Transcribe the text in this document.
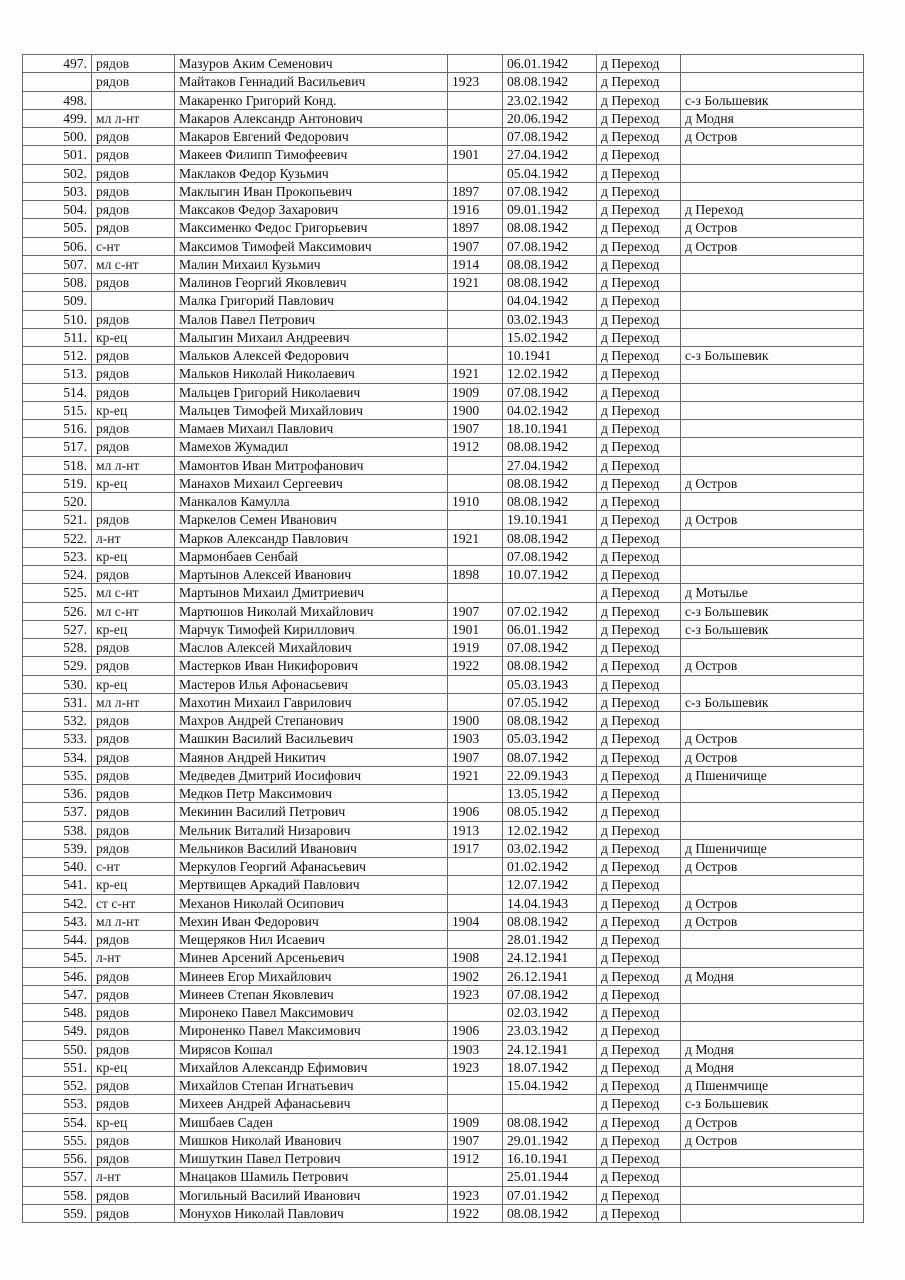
497.	рядов	Мазуров Аким Семенович		06.01.1942	д Переход	
	рядов	Майтаков Геннадий Васильевич	1923	08.08.1942	д Переход	
498.		Макаренко Григорий Конд.		23.02.1942	д Переход	с-з Большевик
499.	мл л-нт	Макаров Александр Антонович		20.06.1942	д Переход	д Модня
500.	рядов	Макаров Евгений Федорович		07.08.1942	д Переход	д Остров
501.	рядов	Макеев Филипп Тимофеевич	1901	27.04.1942	д Переход	
502.	рядов	Маклаков Федор Кузьмич		05.04.1942	д Переход	
503.	рядов	Маклыгин Иван Прокопьевич	1897	07.08.1942	д Переход	
504.	рядов	Максаков Федор Захарович	1916	09.01.1942	д Переход	д Переход
505.	рядов	Максименко Федос Григорьевич	1897	08.08.1942	д Переход	д Остров
506.	с-нт	Максимов Тимофей Максимович	1907	07.08.1942	д Переход	д Остров
507.	мл с-нт	Малин Михаил Кузьмич	1914	08.08.1942	д Переход	
508.	рядов	Малинов Георгий Яковлевич	1921	08.08.1942	д Переход	
509.		Малка Григорий Павлович		04.04.1942	д Переход	
510.	рядов	Малов Павел Петрович		03.02.1943	д Переход	
511.	кр-ец	Малыгин Михаил Андреевич		15.02.1942	д Переход	
512.	рядов	Мальков Алексей Федорович		10.1941	д Переход	с-з Большевик
513.	рядов	Мальков Николай Николаевич	1921	12.02.1942	д Переход	
514.	рядов	Мальцев Григорий Николаевич	1909	07.08.1942	д Переход	
515.	кр-ец	Мальцев Тимофей Михайлович	1900	04.02.1942	д Переход	
516.	рядов	Мамаев Михаил Павлович	1907	18.10.1941	д Переход	
517.	рядов	Мамехов Жумадил	1912	08.08.1942	д Переход	
518.	мл л-нт	Мамонтов Иван Митрофанович		27.04.1942	д Переход	
519.	кр-ец	Манахов Михаил Сергеевич		08.08.1942	д Переход	д Остров
520.		Манкалов Камулла	1910	08.08.1942	д Переход	
521.	рядов	Маркелов Семен Иванович		19.10.1941	д Переход	д Остров
522.	л-нт	Марков Александр Павлович	1921	08.08.1942	д Переход	
523.	кр-ец	Мармонбаев Сенбай		07.08.1942	д Переход	
524.	рядов	Мартынов Алексей Иванович	1898	10.07.1942	д Переход	
525.	мл с-нт	Мартынов Михаил Дмитриевич			д Переход	д Мотылье
526.	мл с-нт	Мартюшов Николай Михайлович	1907	07.02.1942	д Переход	с-з Большевик
527.	кр-ец	Марчук Тимофей Кириллович	1901	06.01.1942	д Переход	с-з Большевик
528.	рядов	Маслов Алексей Михайлович	1919	07.08.1942	д Переход	
529.	рядов	Мастерков Иван Никифорович	1922	08.08.1942	д Переход	д Остров
530.	кр-ец	Мастеров Илья Афонасьевич		05.03.1943	д Переход	
531.	мл л-нт	Махотин Михаил Гаврилович		07.05.1942	д Переход	с-з Большевик
532.	рядов	Махров Андрей Степанович	1900	08.08.1942	д Переход	
533.	рядов	Машкин Василий Васильевич	1903	05.03.1942	д Переход	д Остров
534.	рядов	Маянов Андрей Никитич	1907	08.07.1942	д Переход	д Остров
535.	рядов	Медведев Дмитрий Иосифович	1921	22.09.1943	д Переход	д Пшеничище
536.	рядов	Медков Петр Максимович		13.05.1942	д Переход	
537.	рядов	Мекинин Василий Петрович	1906	08.05.1942	д Переход	
538.	рядов	Мельник Виталий Низарович	1913	12.02.1942	д Переход	
539.	рядов	Мельников Василий Иванович	1917	03.02.1942	д Переход	д Пшеничище
540.	с-нт	Меркулов Георгий Афанасьевич		01.02.1942	д Переход	д Остров
541.	кр-ец	Мертвищев Аркадий Павлович		12.07.1942	д Переход	
542.	ст с-нт	Механов Николай Осипович		14.04.1943	д Переход	д Остров
543.	мл л-нт	Мехин Иван Федорович	1904	08.08.1942	д Переход	д Остров
544.	рядов	Мещеряков Нил Исаевич		28.01.1942	д Переход	
545.	л-нт	Минев Арсений Арсеньевич	1908	24.12.1941	д Переход	
546.	рядов	Минеев Егор Михайлович	1902	26.12.1941	д Переход	д Модня
547.	рядов	Минеев Степан Яковлевич	1923	07.08.1942	д Переход	
548.	рядов	Миронеко Павел Максимович		02.03.1942	д Переход	
549.	рядов	Мироненко Павел Максимович	1906	23.03.1942	д Переход	
550.	рядов	Мирясов Кошал	1903	24.12.1941	д Переход	д Модня
551.	кр-ец	Михайлов Александр Ефимович	1923	18.07.1942	д Переход	д Модня
552.	рядов	Михайлов Степан Игнатьевич		15.04.1942	д Переход	д Пшенмчище
553.	рядов	Михеев Андрей Афанасьевич			д Переход	с-з Большевик
554.	кр-ец	Мишбаев Саден	1909	08.08.1942	д Переход	д Остров
555.	рядов	Мишков Николай Иванович	1907	29.01.1942	д Переход	д Остров
556.	рядов	Мишуткин Павел Петрович	1912	16.10.1941	д Переход	
557.	л-нт	Мнацаков Шамиль Петрович		25.01.1944	д Переход	
558.	рядов	Могильный Василий Иванович	1923	07.01.1942	д Переход	
559.	рядов	Монухов Николай Павлович	1922	08.08.1942	д Переход	
